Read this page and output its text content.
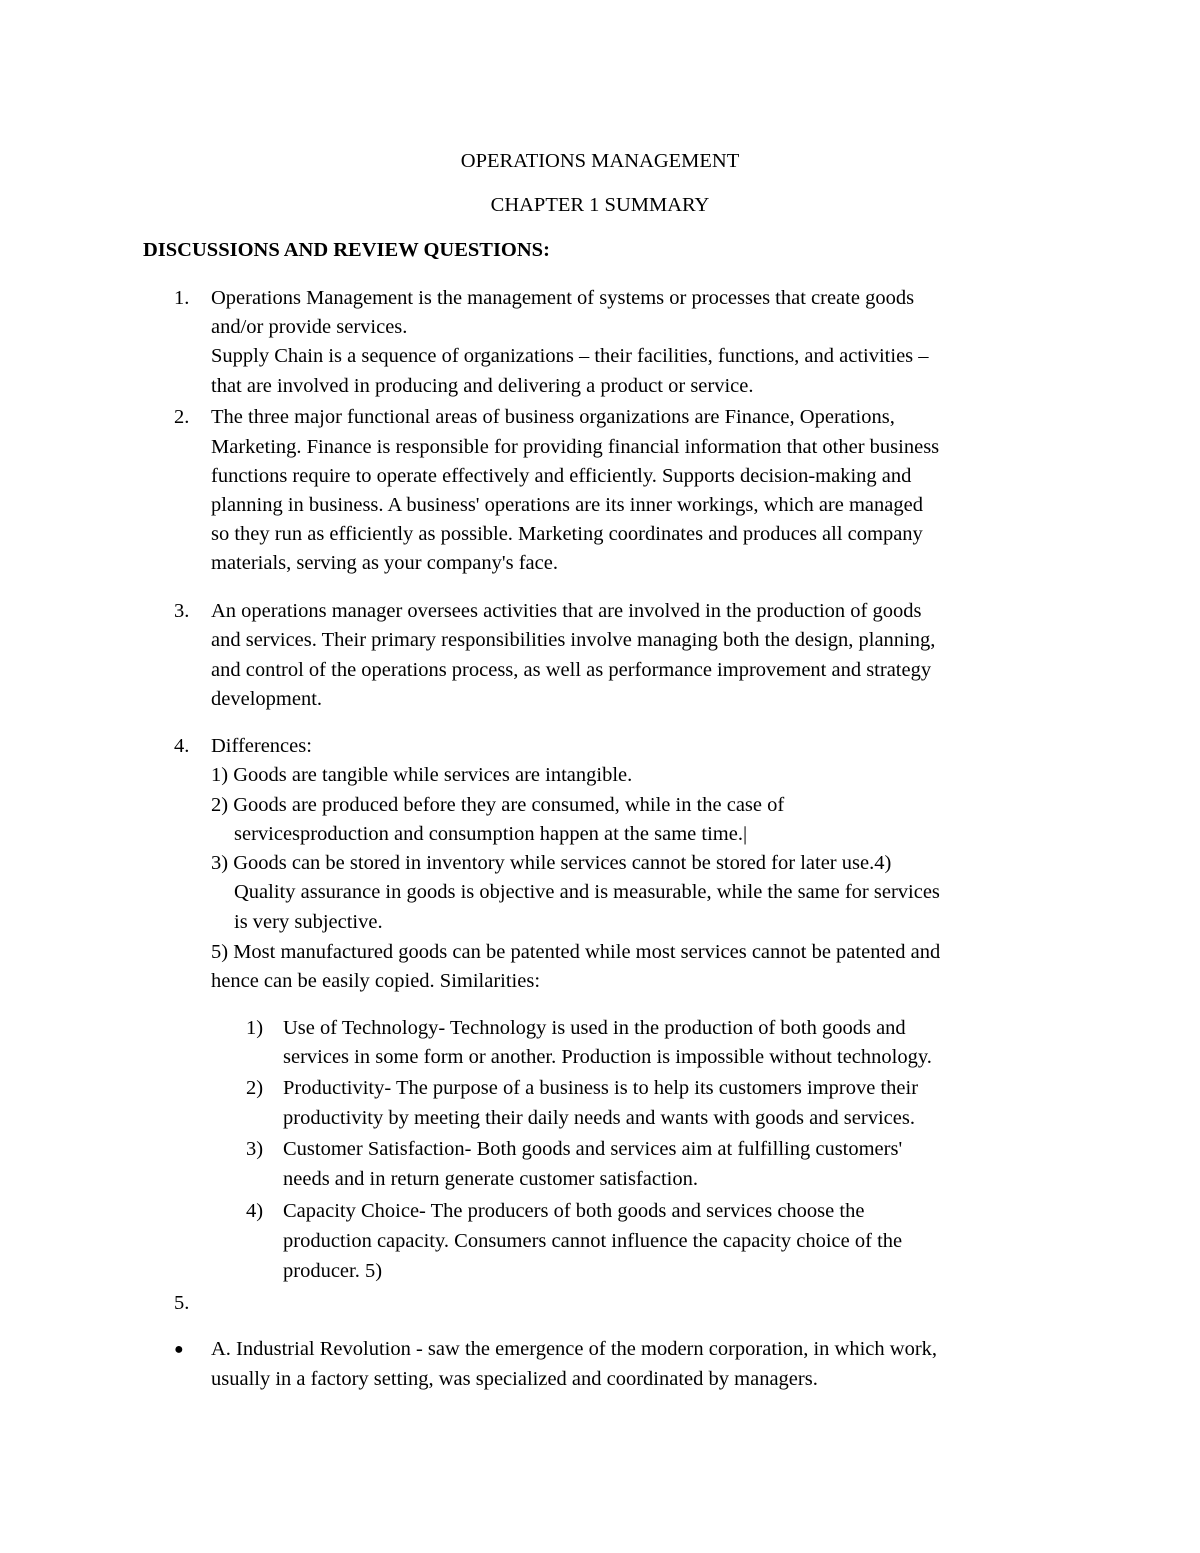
OPERATIONS MANAGEMENT
CHAPTER 1 SUMMARY
DISCUSSIONS AND REVIEW QUESTIONS:
1. Operations Management is the management of systems or processes that create goods
and/or provide services.
Supply Chain is a sequence of organizations – their facilities, functions, and activities –
that are involved in producing and delivering a product or service.
2. The three major functional areas of business organizations are Finance, Operations,
Marketing. Finance is responsible for providing financial information that other business
functions require to operate effectively and efficiently. Supports decision-making and
planning in business. A business' operations are its inner workings, which are managed
so they run as efficiently as possible. Marketing coordinates and produces all company
materials, serving as your company's face.
3. An operations manager oversees activities that are involved in the production of goods
and services. Their primary responsibilities involve managing both the design, planning,
and control of the operations process, as well as performance improvement and strategy
development.
4. Differences:
1) Goods are tangible while services are intangible.
2) Goods are produced before they are consumed, while in the case of
servicesproduction and consumption happen at the same time.|
3) Goods can be stored in inventory while services cannot be stored for later use.4)
Quality assurance in goods is objective and is measurable, while the same for services
is very subjective.
5) Most manufactured goods can be patented while most services cannot be patented and
hence can be easily copied. Similarities:
1) Use of Technology- Technology is used in the production of both goods and
services in some form or another. Production is impossible without technology.
2) Productivity- The purpose of a business is to help its customers improve their
productivity by meeting their daily needs and wants with goods and services.
3) Customer Satisfaction- Both goods and services aim at fulfilling customers'
needs and in return generate customer satisfaction.
4) Capacity Choice- The producers of both goods and services choose the
production capacity. Consumers cannot influence the capacity choice of the
producer. 5)
5.
● A. Industrial Revolution - saw the emergence of the modern corporation, in which work,
usually in a factory setting, was specialized and coordinated by managers.
